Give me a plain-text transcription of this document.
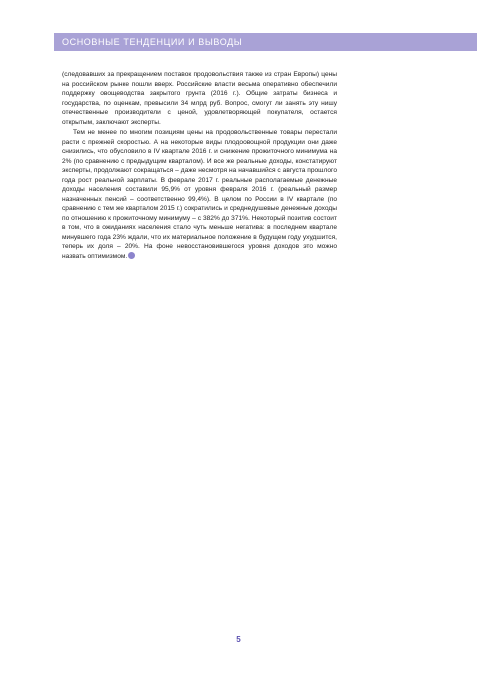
ОСНОВНЫЕ ТЕНДЕНЦИИ И ВЫВОДЫ

(следовавших за прекращением поставок продовольствия также из стран Европы) цены на российском рынке пошли вверх. Российские власти весьма оперативно обеспечили поддержку овощеводства закрытого грунта (2016 г.). Общие затраты бизнеса и государства, по оценкам, превысили 34 млрд руб. Вопрос, смогут ли занять эту нишу отечественные производители с ценой, удовлетворяющей покупателя, остается открытым, заключают эксперты.

Тем не менее по многим позициям цены на продовольственные товары перестали расти с прежней скоростью. А на некоторые виды плодоовощной продукции они даже снизились, что обусловило в IV квартале 2016 г. и снижение прожиточного минимума на 2% (по сравнению с предыдущим кварталом). И все же реальные доходы, констатируют эксперты, продолжают сокращаться – даже несмотря на начавшийся с августа прошлого года рост реальной зарплаты. В феврале 2017 г. реальные располагаемые денежные доходы населения составили 95,9% от уровня февраля 2016 г. (реальный размер назначенных пенсий – соответственно 99,4%). В целом по России в IV квартале (по сравнению с тем же кварталом 2015 г.) сократились и среднедушевые денежные доходы по отношению к прожиточному минимуму – с 382% до 371%. Некоторый позитив состоит в том, что в ожиданиях населения стало чуть меньше негатива: в последнем квартале минувшего года 23% ждали, что их материальное положение в будущем году ухудшится, теперь их доля – 20%. На фоне невосстановившегося уровня доходов это можно назвать оптимизмом.

5
